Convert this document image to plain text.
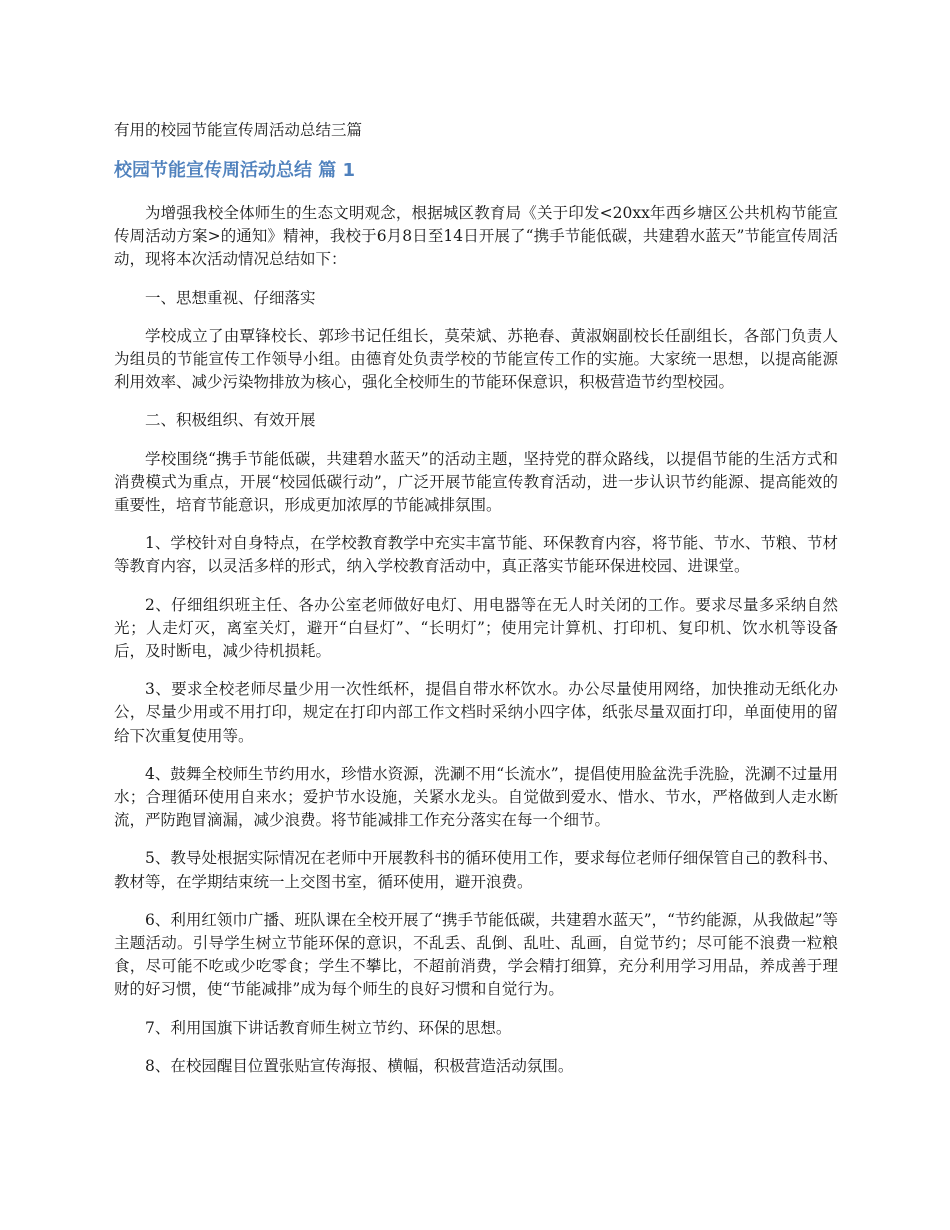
有用的校园节能宣传周活动总结三篇
校园节能宣传周活动总结 篇 1
为增强我校全体师生的生态文明观念，根据城区教育局《关于印发<20xx年西乡塘区公共机构节能宣传周活动方案>的通知》精神，我校于6月8日至14日开展了“携手节能低碳，共建碧水蓝天”节能宣传周活动，现将本次活动情况总结如下：
一、思想重视、仔细落实
学校成立了由覃锋校长、郭珍书记任组长，莫荣斌、苏艳春、黄淑娴副校长任副组长，各部门负责人为组员的节能宣传工作领导小组。由德育处负责学校的节能宣传工作的实施。大家统一思想，以提高能源利用效率、减少污染物排放为核心，强化全校师生的节能环保意识，积极营造节约型校园。
二、积极组织、有效开展
学校围绕“携手节能低碳，共建碧水蓝天”的活动主题，坚持党的群众路线，以提倡节能的生活方式和消费模式为重点，开展“校园低碳行动”，广泛开展节能宣传教育活动，进一步认识节约能源、提高能效的重要性，培育节能意识，形成更加浓厚的节能减排氛围。
1、学校针对自身特点，在学校教育教学中充实丰富节能、环保教育内容，将节能、节水、节粮、节材等教育内容，以灵活多样的形式，纳入学校教育活动中，真正落实节能环保进校园、进课堂。
2、仔细组织班主任、各办公室老师做好电灯、用电器等在无人时关闭的工作。要求尽量多采纳自然光；人走灯灭，离室关灯，避开“白昼灯”、“长明灯”；使用完计算机、打印机、复印机、饮水机等设备后，及时断电，减少待机损耗。
3、要求全校老师尽量少用一次性纸杯，提倡自带水杯饮水。办公尽量使用网络，加快推动无纸化办公，尽量少用或不用打印，规定在打印内部工作文档时采纳小四字体，纸张尽量双面打印，单面使用的留给下次重复使用等。
4、鼓舞全校师生节约用水，珍惜水资源，洗涮不用“长流水”，提倡使用脸盆洗手洗脸，洗涮不过量用水；合理循环使用自来水；爱护节水设施，关紧水龙头。自觉做到爱水、惜水、节水，严格做到人走水断流，严防跑冒滴漏，减少浪费。将节能减排工作充分落实在每一个细节。
5、教导处根据实际情况在老师中开展教科书的循环使用工作，要求每位老师仔细保管自己的教科书、教材等，在学期结束统一上交图书室，循环使用，避开浪费。
6、利用红领巾广播、班队课在全校开展了“携手节能低碳，共建碧水蓝天”，“节约能源，从我做起”等主题活动。引导学生树立节能环保的意识，不乱丢、乱倒、乱吐、乱画，自觉节约；尽可能不浪费一粒粮食，尽可能不吃或少吃零食；学生不攀比，不超前消费，学会精打细算，充分利用学习用品，养成善于理财的好习惯，使“节能减排”成为每个师生的良好习惯和自觉行为。
7、利用国旗下讲话教育师生树立节约、环保的思想。
8、在校园醒目位置张贴宣传海报、横幅，积极营造活动氛围。
